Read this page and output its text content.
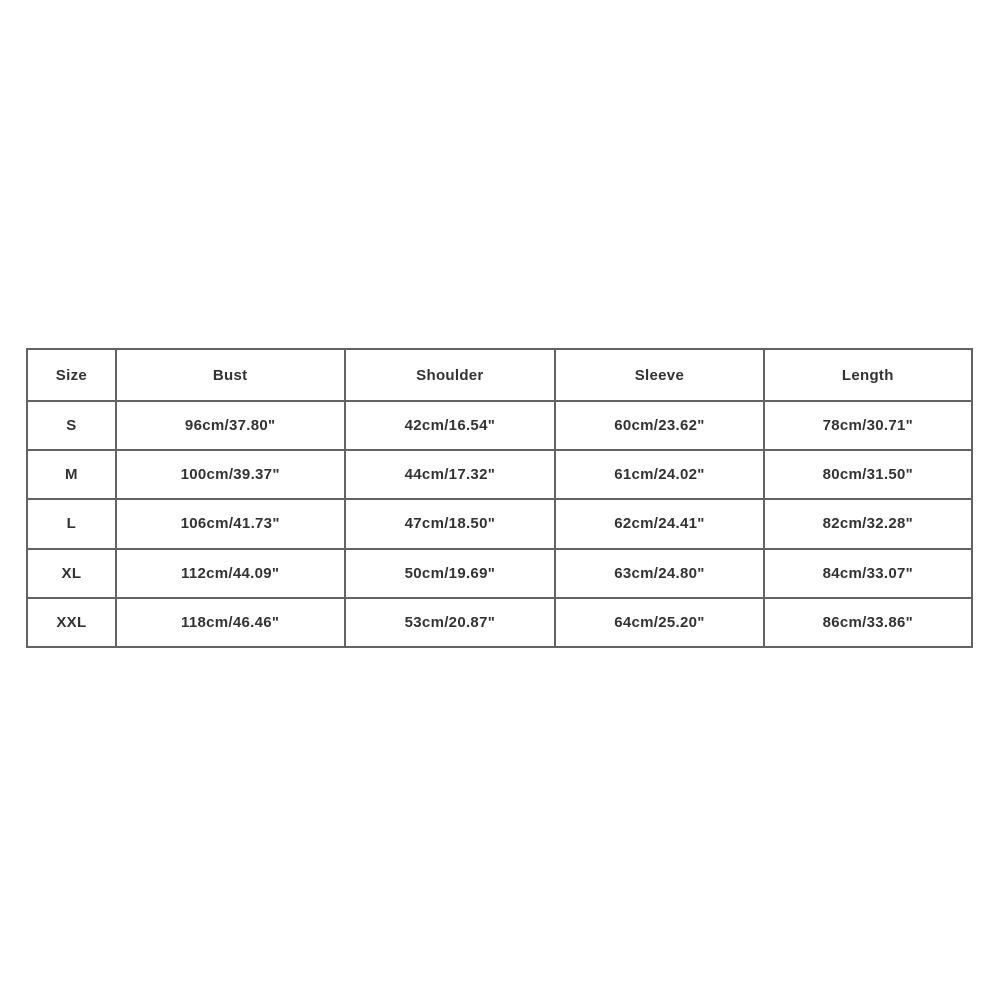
Size	Bust	Shoulder	Sleeve	Length
S	96cm/37.80"	42cm/16.54"	60cm/23.62"	78cm/30.71"
M	100cm/39.37"	44cm/17.32"	61cm/24.02"	80cm/31.50"
L	106cm/41.73"	47cm/18.50"	62cm/24.41"	82cm/32.28"
XL	112cm/44.09"	50cm/19.69"	63cm/24.80"	84cm/33.07"
XXL	118cm/46.46"	53cm/20.87"	64cm/25.20"	86cm/33.86"
